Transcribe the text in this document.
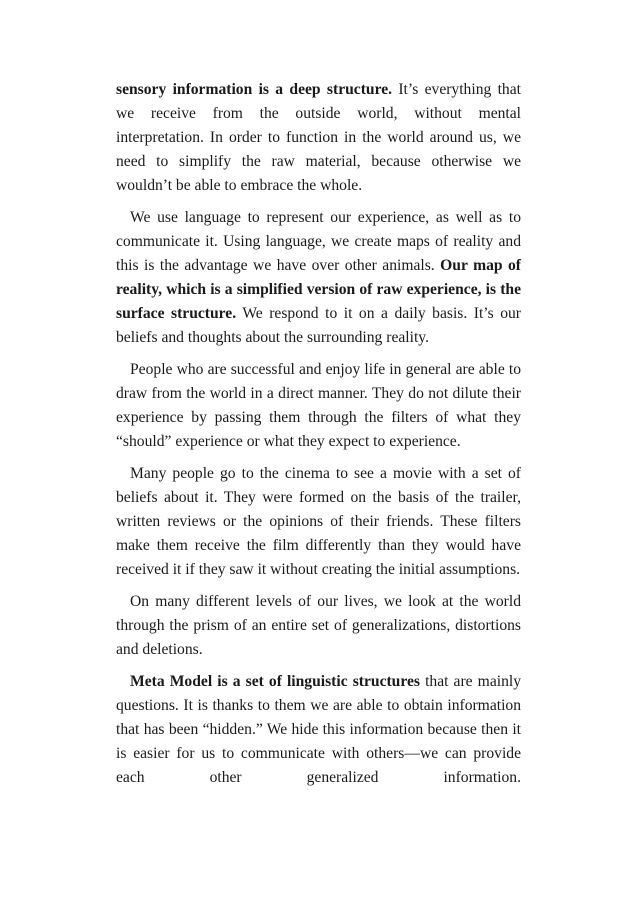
sensory information is a deep structure. It’s everything that we receive from the outside world, without mental interpretation. In order to function in the world around us, we need to simplify the raw material, because otherwise we wouldn’t be able to embrace the whole.

We use language to represent our experience, as well as to communicate it. Using language, we create maps of reality and this is the advantage we have over other animals. Our map of reality, which is a simplified version of raw experience, is the surface structure. We respond to it on a daily basis. It’s our beliefs and thoughts about the surrounding reality.

People who are successful and enjoy life in general are able to draw from the world in a direct manner. They do not dilute their experience by passing them through the filters of what they “should” experience or what they expect to experience.

Many people go to the cinema to see a movie with a set of beliefs about it. They were formed on the basis of the trailer, written reviews or the opinions of their friends. These filters make them receive the film differently than they would have received it if they saw it without creating the initial assumptions.

On many different levels of our lives, we look at the world through the prism of an entire set of generalizations, distortions and deletions.

Meta Model is a set of linguistic structures that are mainly questions. It is thanks to them we are able to obtain information that has been “hidden.” We hide this information because then it is easier for us to communicate with others—we can provide each other generalized information.
